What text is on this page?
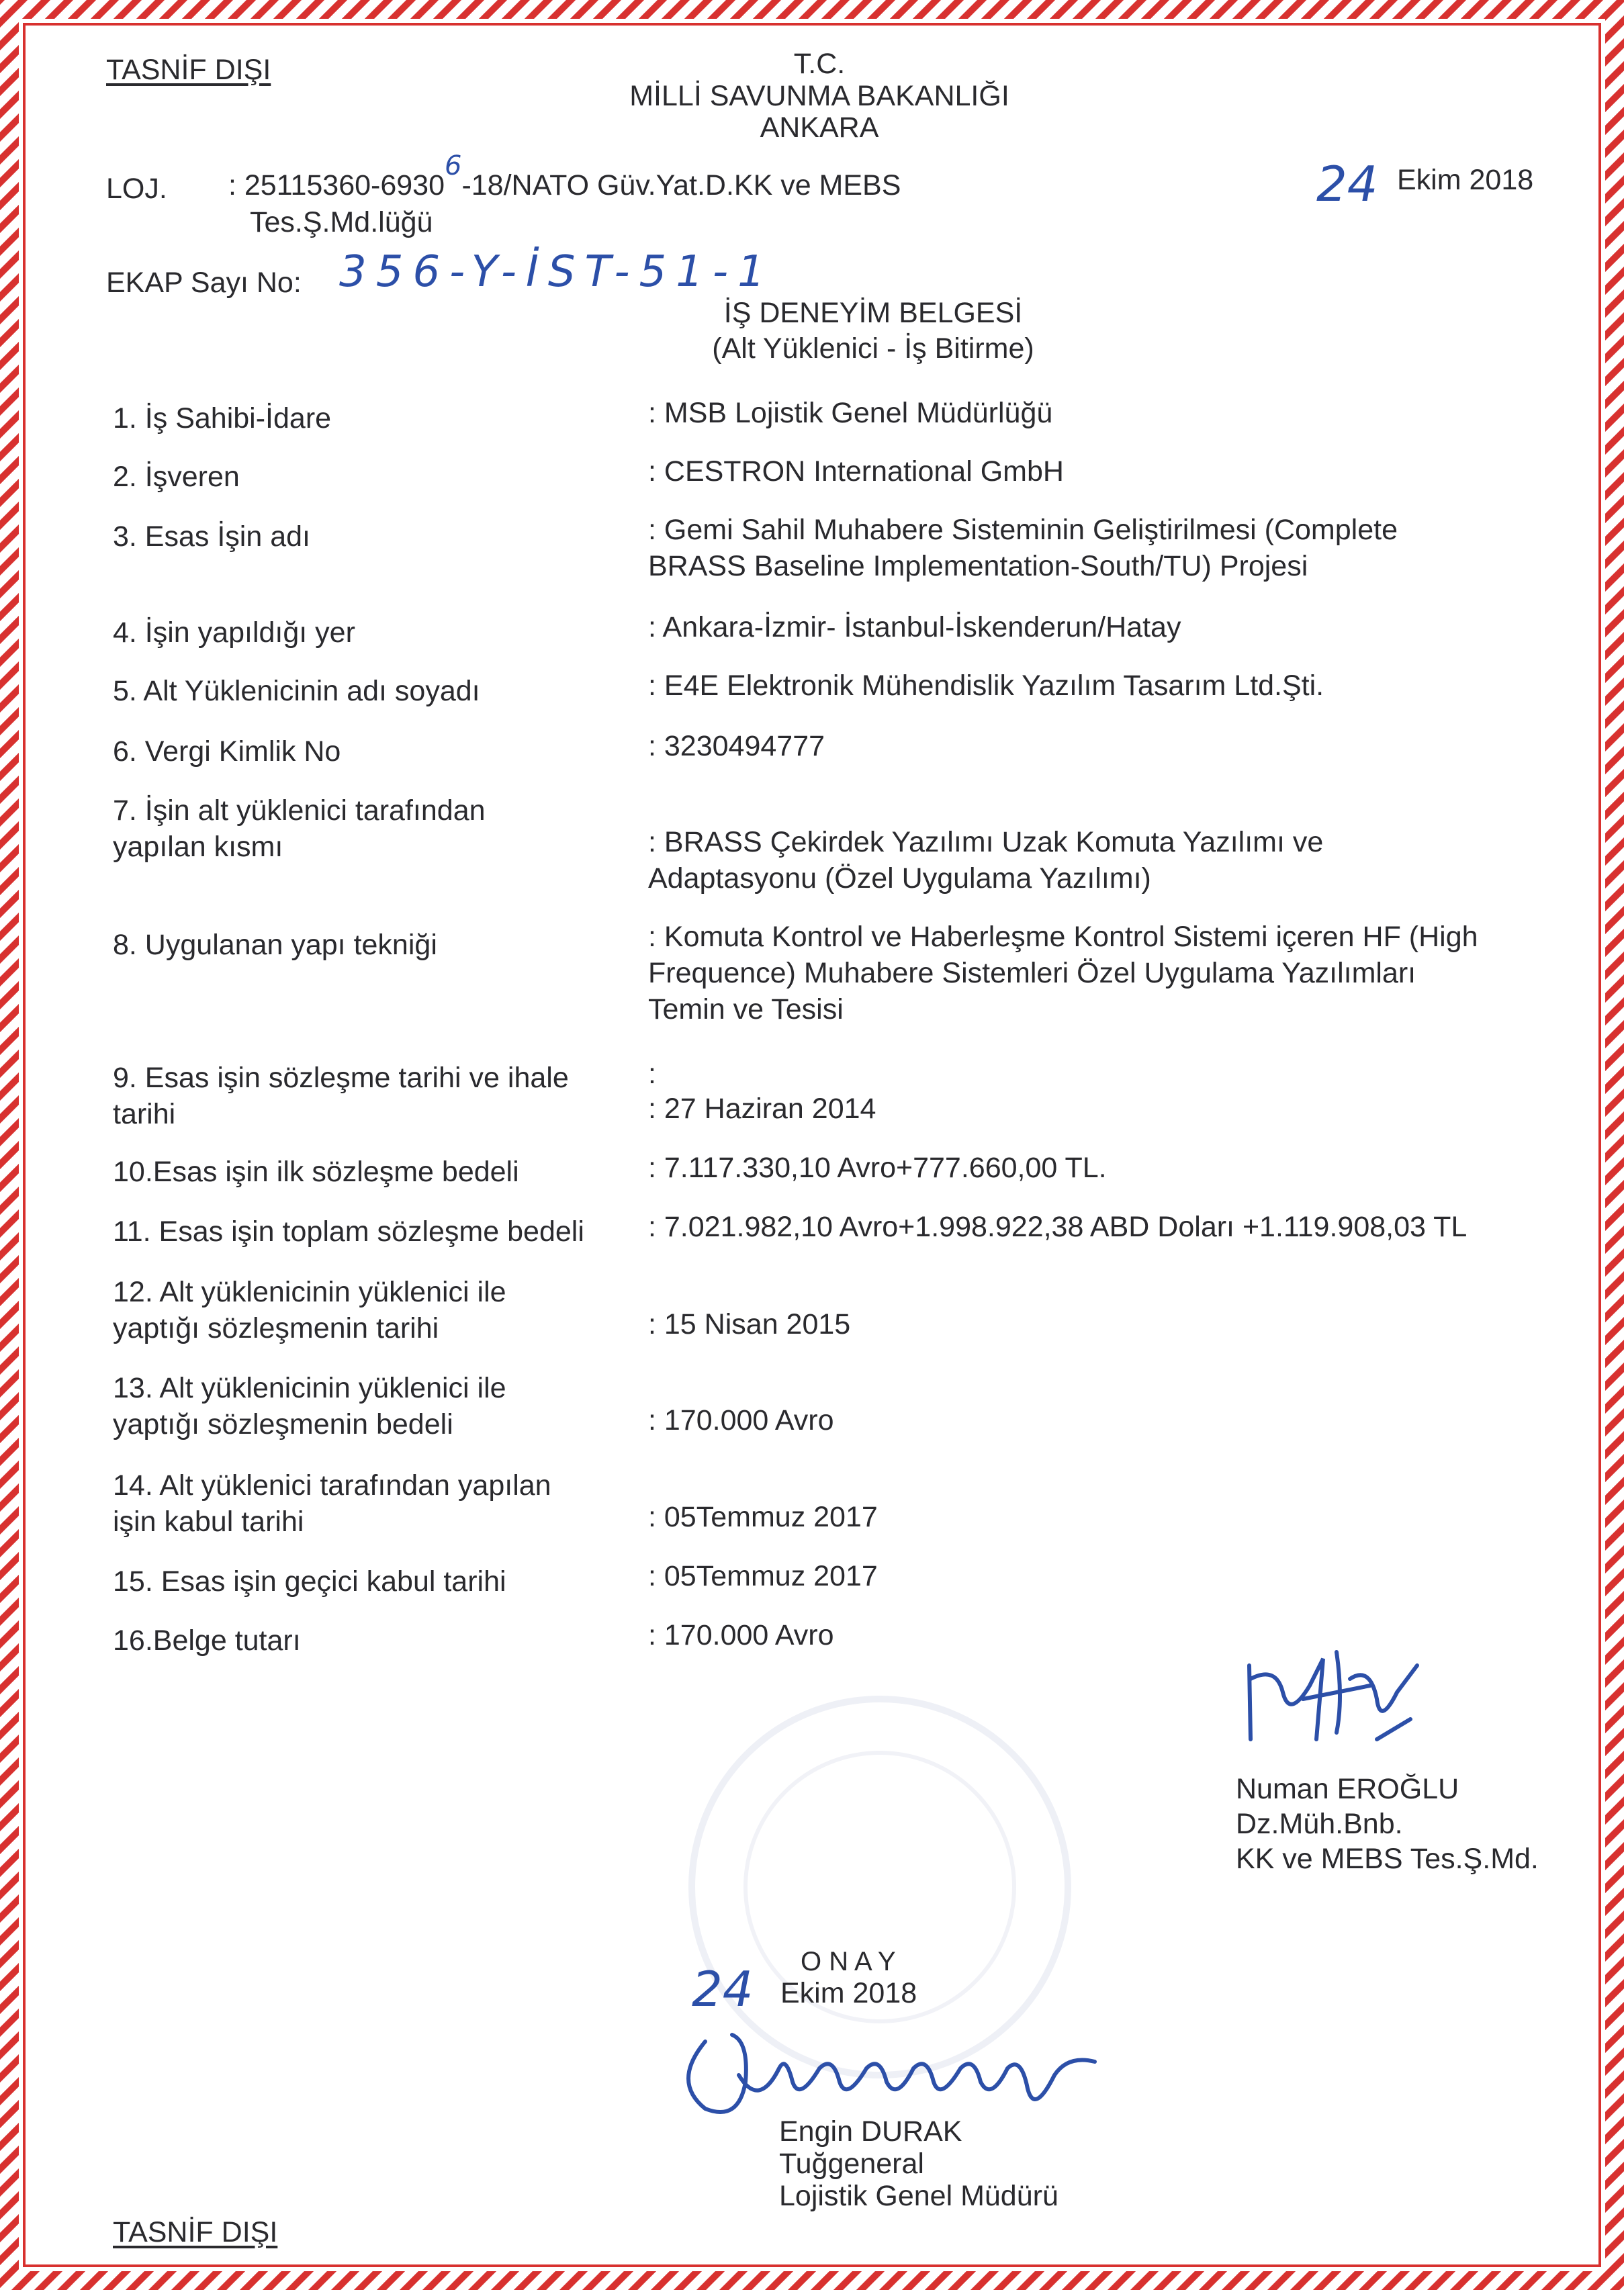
TASNİF DIŞI	T.C.
MİLLİ SAVUNMA BAKANLIĞI
ANKARA
LOJ. : 25115360-69306-18/NATO Güv.Yat.D.KK ve MEBS
Tes.Ş.Md.lüğü
24 Ekim 2018
EKAP Sayı No: 356-Y-İST-51-1
İŞ DENEYİM BELGESİ
(Alt Yüklenici - İş Bitirme)
1. İş Sahibi-İdare	: MSB Lojistik Genel Müdürlüğü
2. İşveren	: CESTRON International GmbH
3. Esas İşin adı	: Gemi Sahil Muhabere Sisteminin Geliştirilmesi (Complete
BRASS Baseline Implementation-South/TU) Projesi
4. İşin yapıldığı yer	: Ankara-İzmir- İstanbul-İskenderun/Hatay
5. Alt Yüklenicinin adı soyadı	: E4E Elektronik Mühendislik Yazılım Tasarım Ltd.Şti.
6. Vergi Kimlik No	: 3230494777
7. İşin alt yüklenici tarafından
yapılan kısmı	: BRASS Çekirdek Yazılımı Uzak Komuta Yazılımı ve
Adaptasyonu (Özel Uygulama Yazılımı)
8. Uygulanan yapı tekniği	: Komuta Kontrol ve Haberleşme Kontrol Sistemi içeren HF (High
Frequence) Muhabere Sistemleri Özel Uygulama Yazılımları
Temin ve Tesisi
9. Esas işin sözleşme tarihi ve ihale
tarihi
:
: 27 Haziran 2014
10.Esas işin ilk sözleşme bedeli	: 7.117.330,10 Avro+777.660,00 TL.
11. Esas işin toplam sözleşme bedeli : 7.021.982,10 Avro+1.998.922,38 ABD Doları +1.119.908,03 TL
12. Alt yüklenicinin yüklenici ile
yaptığı sözleşmenin tarihi	: 15 Nisan 2015
13. Alt yüklenicinin yüklenici ile
yaptığı sözleşmenin bedeli	: 170.000 Avro
14. Alt yüklenici tarafından yapılan
işin kabul tarihi	: 05Temmuz 2017
15. Esas işin geçici kabul tarihi	: 05Temmuz 2017
16.Belge tutarı	: 170.000 Avro
Numan EROĞLU
Dz.Müh.Bnb.
KK ve MEBS Tes.Ş.Md.
O N A Y
24 Ekim 2018
Engin DURAK
Tuğgeneral
Lojistik Genel Müdürü
TASNİF DIŞI
